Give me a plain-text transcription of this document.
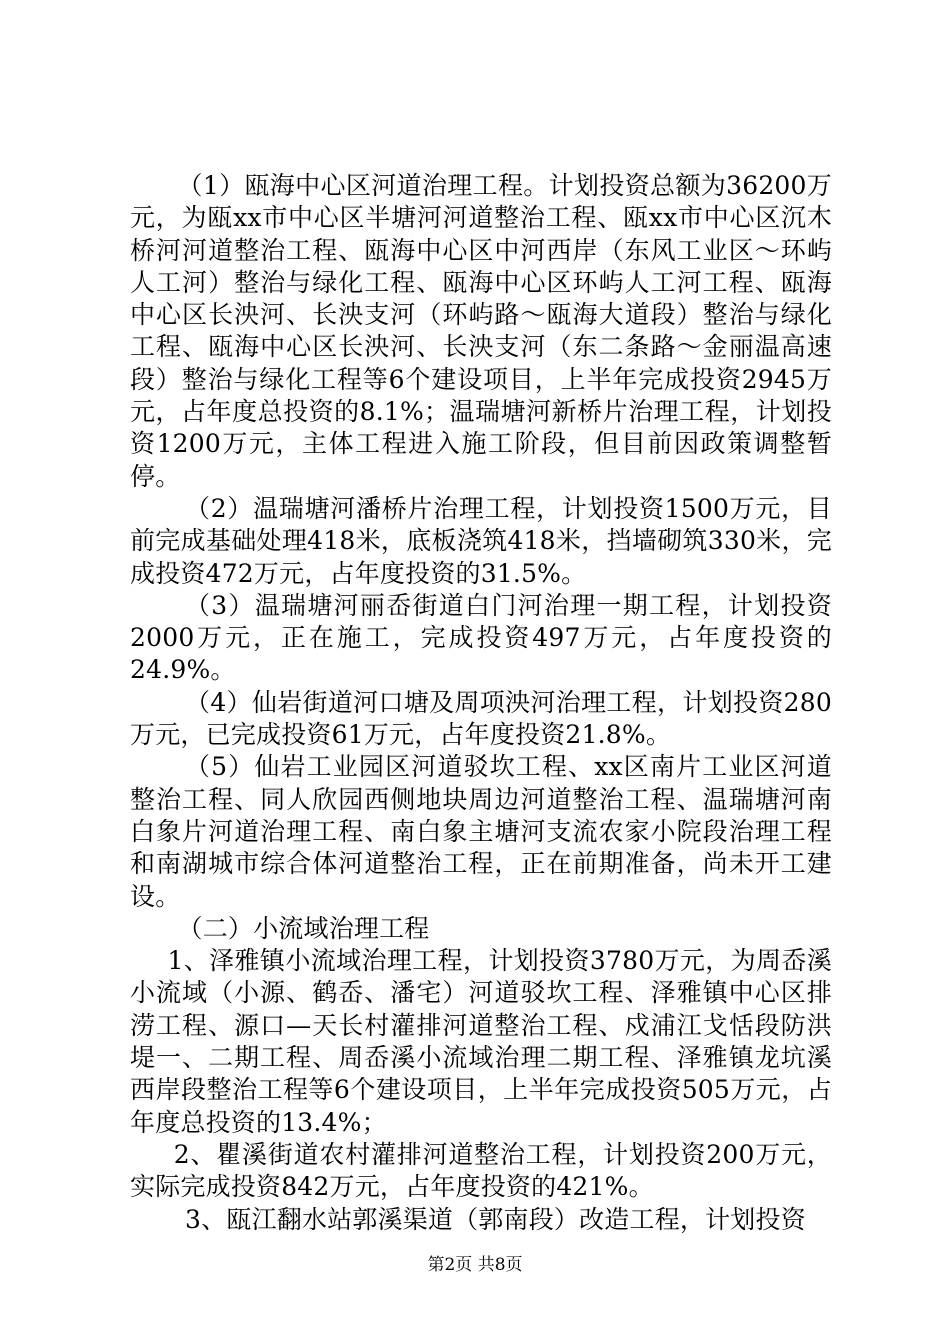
（1）瓯海中心区河道治理工程。计划投资总额为36200万元，为瓯xx市中心区半塘河河道整治工程、瓯xx市中心区沉木桥河河道整治工程、瓯海中心区中河西岸（东风工业区～环屿人工河）整治与绿化工程、瓯海中心区环屿人工河工程、瓯海中心区长泱河、长泱支河（环屿路～瓯海大道段）整治与绿化工程、瓯海中心区长泱河、长泱支河（东二条路～金丽温高速段）整治与绿化工程等6个建设项目，上半年完成投资2945万元，占年度总投资的8.1%；温瑞塘河新桥片治理工程，计划投资1200万元，主体工程进入施工阶段，但目前因政策调整暂停。

（2）温瑞塘河潘桥片治理工程，计划投资1500万元，目前完成基础处理418米，底板浇筑418米，挡墙砌筑330米，完成投资472万元，占年度投资的31.5%。

（3）温瑞塘河丽岙街道白门河治理一期工程，计划投资2000万元，正在施工，完成投资497万元，占年度投资的24.9%。

（4）仙岩街道河口塘及周项泱河治理工程，计划投资280万元，已完成投资61万元，占年度投资21.8%。

（5）仙岩工业园区河道驳坎工程、xx区南片工业区河道整治工程、同人欣园西侧地块周边河道整治工程、温瑞塘河南白象片河道治理工程、南白象主塘河支流农家小院段治理工程和南湖城市综合体河道整治工程，正在前期准备，尚未开工建设。

（二）小流域治理工程

1、泽雅镇小流域治理工程，计划投资3780万元，为周岙溪小流域（小源、鹤岙、潘宅）河道驳坎工程、泽雅镇中心区排涝工程、源口—天长村灌排河道整治工程、戍浦江戈恬段防洪堤一、二期工程、周岙溪小流域治理二期工程、泽雅镇龙坑溪西岸段整治工程等6个建设项目，上半年完成投资505万元，占年度总投资的13.4%；

2、瞿溪街道农村灌排河道整治工程，计划投资200万元，实际完成投资842万元，占年度投资的421%。

3、瓯江翻水站郭溪渠道（郭南段）改造工程，计划投资

第2页 共8页
